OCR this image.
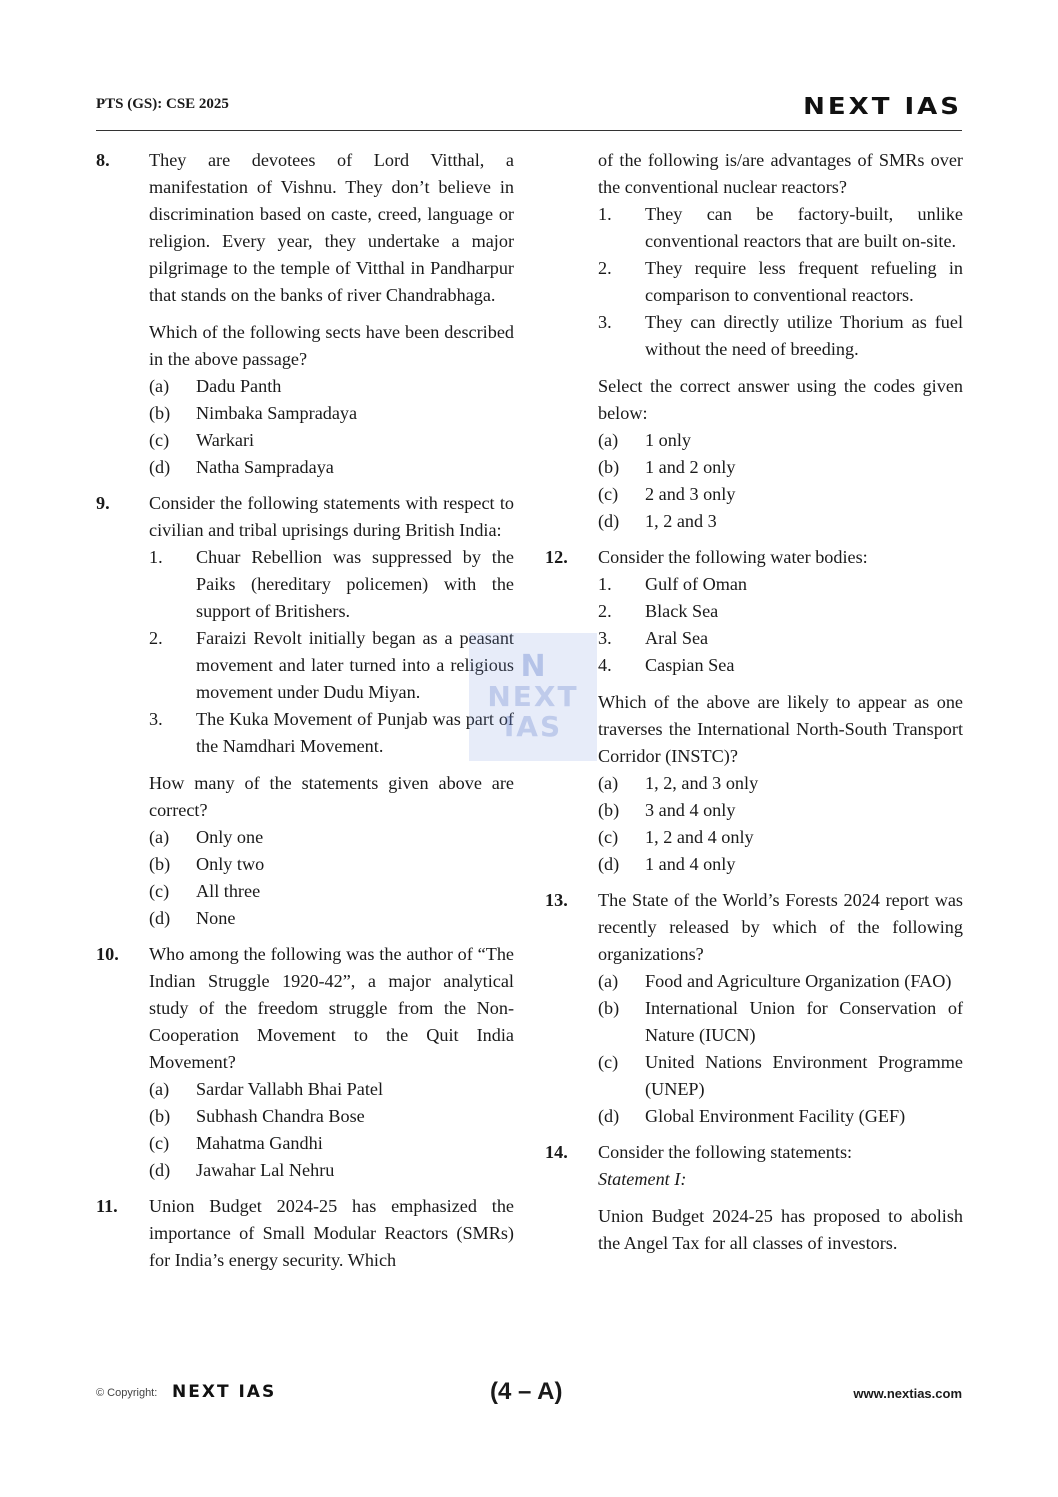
PTS (GS): CSE 2025	NEXT IAS
8. They are devotees of Lord Vitthal, a manifestation of Vishnu. They don’t believe in discrimination based on caste, creed, language or religion. Every year, they undertake a major pilgrimage to the temple of Vitthal in Pandharpur that stands on the banks of river Chandrabhaga.

Which of the following sects have been described in the above passage?

(a) Dadu Panth
(b) Nimbaka Sampradaya
(c) Warkari
(d) Natha Sampradaya
9. Consider the following statements with respect to civilian and tribal uprisings during British India:

1. Chuar Rebellion was suppressed by the Paiks (hereditary policemen) with the support of Britishers.
2. Faraizi Revolt initially began as a peasant movement and later turned into a religious movement under Dudu Miyan.
3. The Kuka Movement of Punjab was part of the Namdhari Movement.

How many of the statements given above are correct?

(a) Only one
(b) Only two
(c) All three
(d) None
10. Who among the following was the author of “The Indian Struggle 1920-42”, a major analytical study of the freedom struggle from the Non-Cooperation Movement to the Quit India Movement?

(a) Sardar Vallabh Bhai Patel
(b) Subhash Chandra Bose
(c) Mahatma Gandhi
(d) Jawahar Lal Nehru
11. Union Budget 2024-25 has emphasized the importance of Small Modular Reactors (SMRs) for India’s energy security. Which

of the following is/are advantages of SMRs over the conventional nuclear reactors?

1. They can be factory-built, unlike conventional reactors that are built on-site.
2. They require less frequent refueling in comparison to conventional reactors.
3. They can directly utilize Thorium as fuel without the need of breeding.

Select the correct answer using the codes given below:

(a) 1 only
(b) 1 and 2 only
(c) 2 and 3 only
(d) 1, 2 and 3
12. Consider the following water bodies:

1. Gulf of Oman
2. Black Sea
3. Aral Sea
4. Caspian Sea

Which of the above are likely to appear as one traverses the International North-South Transport Corridor (INSTC)?

(a) 1, 2, and 3 only
(b) 3 and 4 only
(c) 1, 2 and 4 only
(d) 1 and 4 only
13. The State of the World’s Forests 2024 report was recently released by which of the following organizations?

(a) Food and Agriculture Organization (FAO)
(b) International Union for Conservation of Nature (IUCN)
(c) United Nations Environment Programme (UNEP)
(d) Global Environment Facility (GEF)
14. Consider the following statements:

Statement I:

Union Budget 2024-25 has proposed to abolish the Angel Tax for all classes of investors.

N
NEXT
IAS
© Copyright: NEXT IAS	(4 – A)	www.nextias.com
